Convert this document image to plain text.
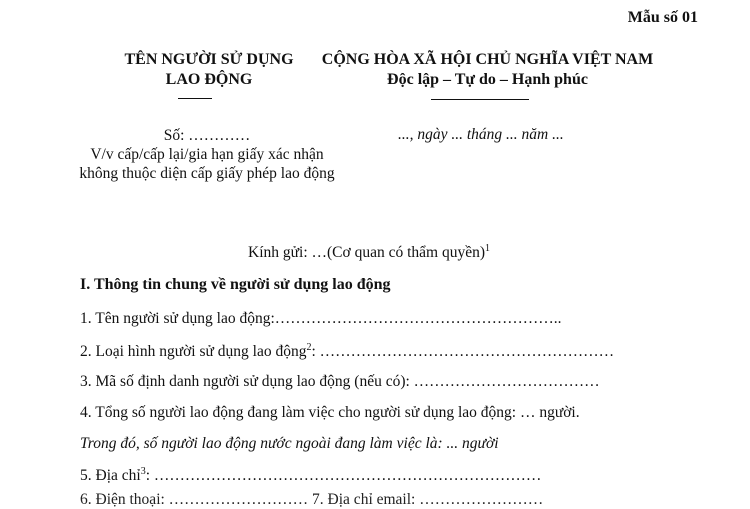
Mẫu số 01
TÊN NGƯỜI SỬ DỤNG
LAO ĐỘNG
CỘNG HÒA XÃ HỘI CHỦ NGHĨA VIỆT NAM
Độc lập – Tự do – Hạnh phúc
Số: …………
V/v cấp/cấp lại/gia hạn giấy xác nhận không thuộc diện cấp giấy phép lao động
..., ngày ... tháng ... năm ...
Kính gửi: …(Cơ quan có thẩm quyền)$^1$
I. Thông tin chung về người sử dụng lao động
1. Tên người sử dụng lao động:………………………………………………..
2. Loại hình người sử dụng lao động$^2$: …………………………………………………
3. Mã số định danh người sử dụng lao động (nếu có): ………………………………
4. Tổng số người lao động đang làm việc cho người sử dụng lao động: … người.
Trong đó, số người lao động nước ngoài đang làm việc là: ... người
5. Địa chỉ$^3$: …………………………………………………………………
6. Điện thoại: ……………………… 7. Địa chỉ email: ……………………
